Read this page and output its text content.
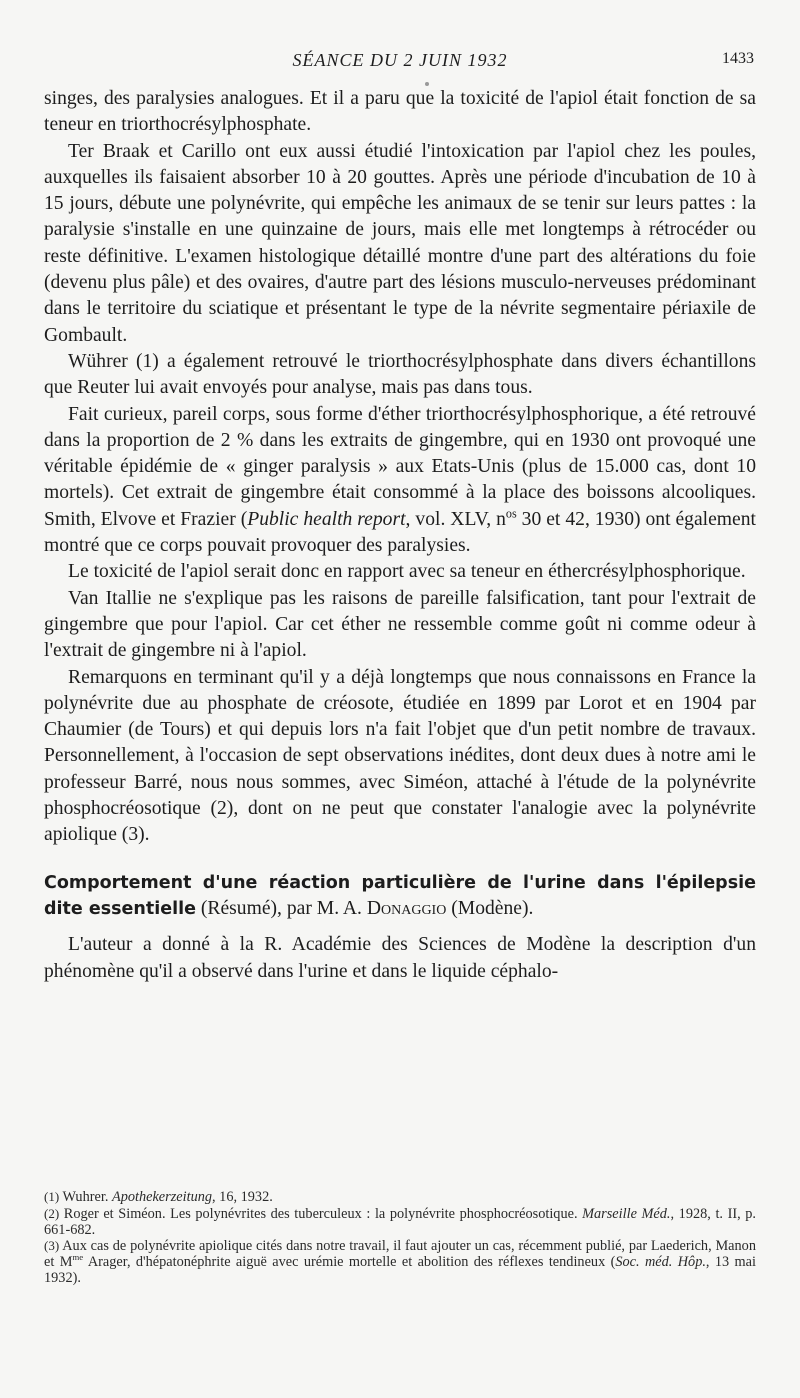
SÉANCE DU 2 JUIN 1932	1433

singes, des paralysies analogues. Et il a paru que la toxicité de l'apiol était fonction de sa teneur en triorthocrésylphosphate.

Ter Braak et Carillo ont eux aussi étudié l'intoxication par l'apiol chez les poules, auxquelles ils faisaient absorber 10 à 20 gouttes. Après une période d'incubation de 10 à 15 jours, débute une polynévrite, qui empêche les animaux de se tenir sur leurs pattes : la paralysie s'installe en une quinzaine de jours, mais elle met longtemps à rétrocéder ou reste définitive. L'examen histologique détaillé montre d'une part des altérations du foie (devenu plus pâle) et des ovaires, d'autre part des lésions musculo-nerveuses prédominant dans le territoire du sciatique et présentant le type de la névrite segmentaire périaxile de Gombault.

Wührer (1) a également retrouvé le triorthocrésylphosphate dans divers échantillons que Reuter lui avait envoyés pour analyse, mais pas dans tous.

Fait curieux, pareil corps, sous forme d'éther triorthocrésylphosphorique, a été retrouvé dans la proportion de 2 % dans les extraits de gingembre, qui en 1930 ont provoqué une véritable épidémie de « ginger paralysis » aux Etats-Unis (plus de 15.000 cas, dont 10 mortels). Cet extrait de gingembre était consommé à la place des boissons alcooliques. Smith, Elvove et Frazier (Public health report, vol. XLV, $n^{os}$ 30 et 42, 1930) ont également montré que ce corps pouvait provoquer des paralysies.

Le toxicité de l'apiol serait donc en rapport avec sa teneur en éthercrésylphosphorique.

Van Itallie ne s'explique pas les raisons de pareille falsification, tant pour l'extrait de gingembre que pour l'apiol. Car cet éther ne ressemble comme goût ni comme odeur à l'extrait de gingembre ni à l'apiol.

Remarquons en terminant qu'il y a déjà longtemps que nous connaissons en France la polynévrite due au phosphate de créosote, étudiée en 1899 par Lorot et en 1904 par Chaumier (de Tours) et qui depuis lors n'a fait l'objet que d'un petit nombre de travaux. Personnellement, à l'occasion de sept observations inédites, dont deux dues à notre ami le professeur Barré, nous nous sommes, avec Siméon, attaché à l'étude de la polynévrite phosphocréosotique (2), dont on ne peut que constater l'analogie avec la polynévrite apiolique (3).

Comportement d'une réaction particulière de l'urine dans l'épilepsie dite essentielle (Résumé), par M. A. Donaggio (Modène).

L'auteur a donné à la R. Académie des Sciences de Modène la description d'un phénomène qu'il a observé dans l'urine et dans le liquide céphalo-

(1) Wuhrer. Apothekerzeitung, 16, 1932.

(2) Roger et Siméon. Les polynévrites des tuberculeux : la polynévrite phosphocréosotique. Marseille Méd., 1928, t. II, p. 661-682.

(3) Aux cas de polynévrite apiolique cités dans notre travail, il faut ajouter un cas, récemment publié, par Laederich, Manon et $M^{me}$ Arager, d'hépatonéphrite aiguë avec urémie mortelle et abolition des réflexes tendineux (Soc. méd. Hôp., 13 mai 1932).
